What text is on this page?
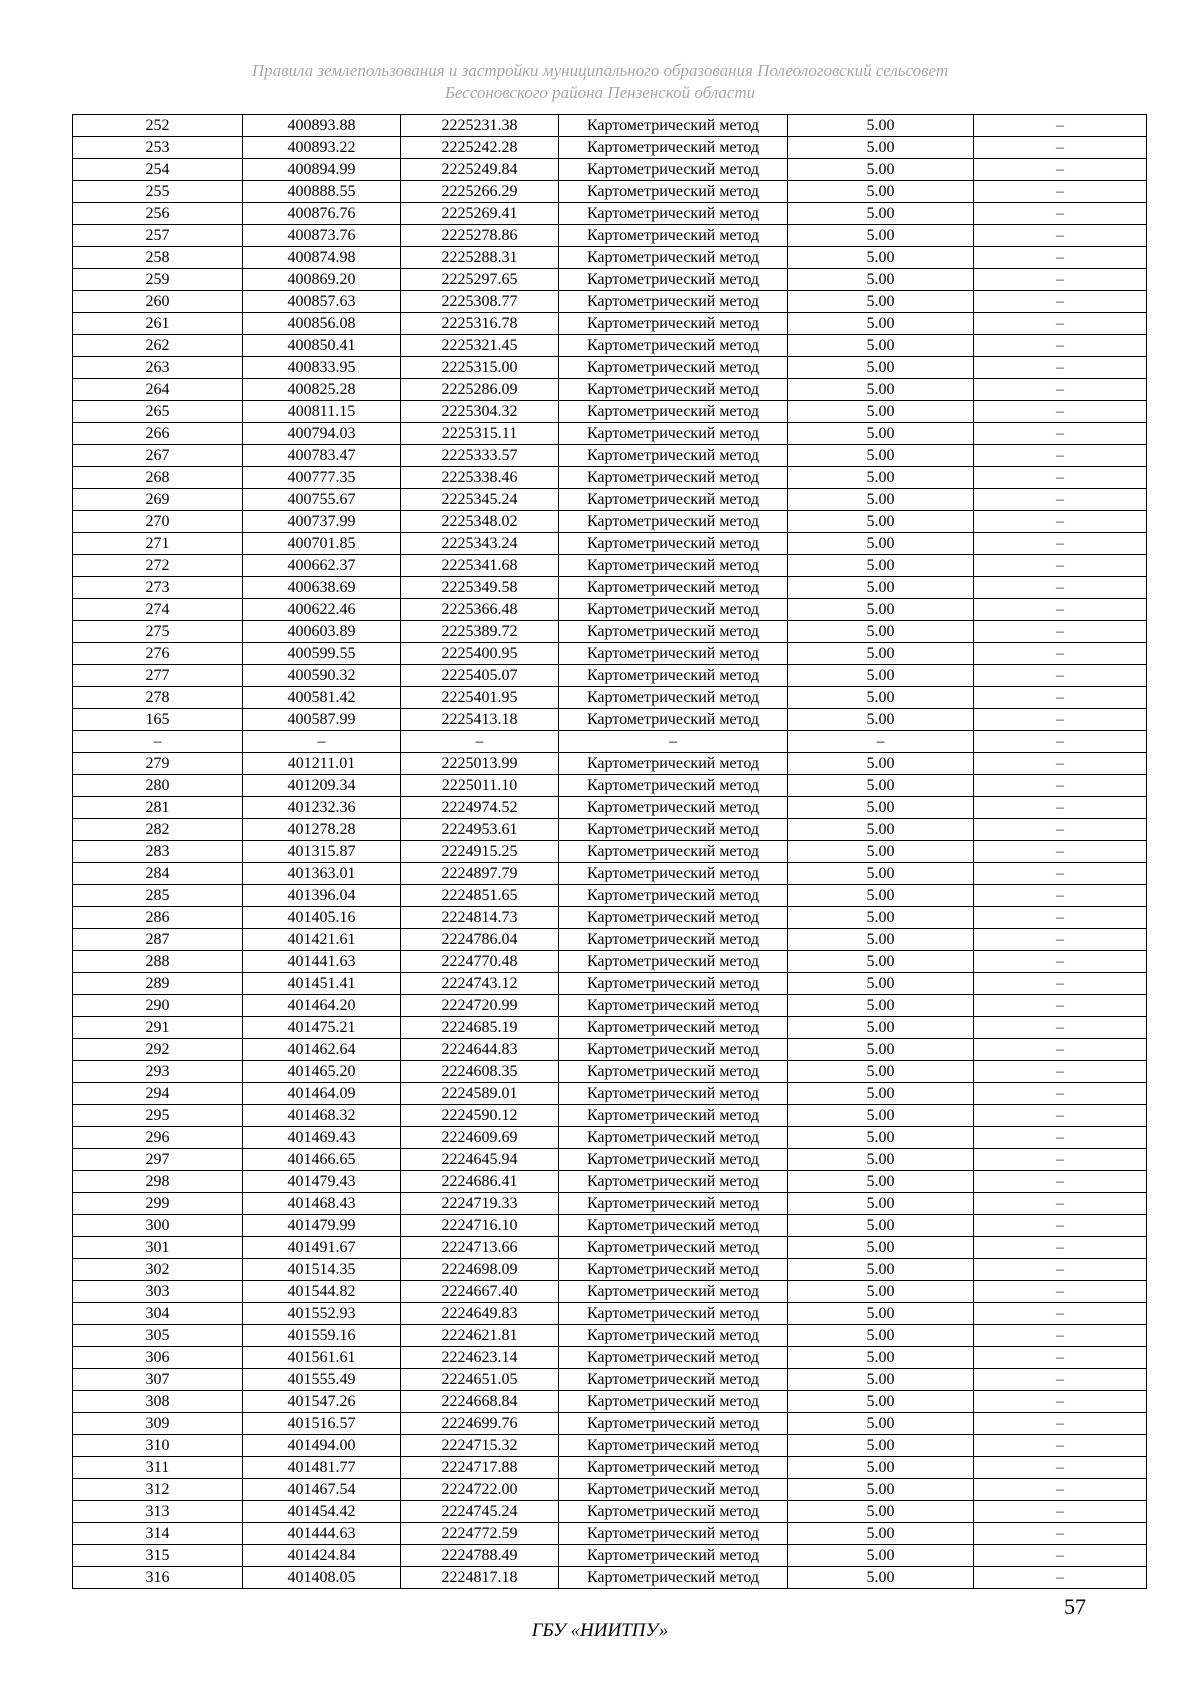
Правила землепользования и застройки муниципального образования Полеологовский сельсовет
Бессоновского района Пензенской области
252	400893.88	2225231.38	Картометрический метод	5.00	–
253	400893.22	2225242.28	Картометрический метод	5.00	–
254	400894.99	2225249.84	Картометрический метод	5.00	–
255	400888.55	2225266.29	Картометрический метод	5.00	–
256	400876.76	2225269.41	Картометрический метод	5.00	–
257	400873.76	2225278.86	Картометрический метод	5.00	–
258	400874.98	2225288.31	Картометрический метод	5.00	–
259	400869.20	2225297.65	Картометрический метод	5.00	–
260	400857.63	2225308.77	Картометрический метод	5.00	–
261	400856.08	2225316.78	Картометрический метод	5.00	–
262	400850.41	2225321.45	Картометрический метод	5.00	–
263	400833.95	2225315.00	Картометрический метод	5.00	–
264	400825.28	2225286.09	Картометрический метод	5.00	–
265	400811.15	2225304.32	Картометрический метод	5.00	–
266	400794.03	2225315.11	Картометрический метод	5.00	–
267	400783.47	2225333.57	Картометрический метод	5.00	–
268	400777.35	2225338.46	Картометрический метод	5.00	–
269	400755.67	2225345.24	Картометрический метод	5.00	–
270	400737.99	2225348.02	Картометрический метод	5.00	–
271	400701.85	2225343.24	Картометрический метод	5.00	–
272	400662.37	2225341.68	Картометрический метод	5.00	–
273	400638.69	2225349.58	Картометрический метод	5.00	–
274	400622.46	2225366.48	Картометрический метод	5.00	–
275	400603.89	2225389.72	Картометрический метод	5.00	–
276	400599.55	2225400.95	Картометрический метод	5.00	–
277	400590.32	2225405.07	Картометрический метод	5.00	–
278	400581.42	2225401.95	Картометрический метод	5.00	–
165	400587.99	2225413.18	Картометрический метод	5.00	–
–	–	–	–	–	–
279	401211.01	2225013.99	Картометрический метод	5.00	–
280	401209.34	2225011.10	Картометрический метод	5.00	–
281	401232.36	2224974.52	Картометрический метод	5.00	–
282	401278.28	2224953.61	Картометрический метод	5.00	–
283	401315.87	2224915.25	Картометрический метод	5.00	–
284	401363.01	2224897.79	Картометрический метод	5.00	–
285	401396.04	2224851.65	Картометрический метод	5.00	–
286	401405.16	2224814.73	Картометрический метод	5.00	–
287	401421.61	2224786.04	Картометрический метод	5.00	–
288	401441.63	2224770.48	Картометрический метод	5.00	–
289	401451.41	2224743.12	Картометрический метод	5.00	–
290	401464.20	2224720.99	Картометрический метод	5.00	–
291	401475.21	2224685.19	Картометрический метод	5.00	–
292	401462.64	2224644.83	Картометрический метод	5.00	–
293	401465.20	2224608.35	Картометрический метод	5.00	–
294	401464.09	2224589.01	Картометрический метод	5.00	–
295	401468.32	2224590.12	Картометрический метод	5.00	–
296	401469.43	2224609.69	Картометрический метод	5.00	–
297	401466.65	2224645.94	Картометрический метод	5.00	–
298	401479.43	2224686.41	Картометрический метод	5.00	–
299	401468.43	2224719.33	Картометрический метод	5.00	–
300	401479.99	2224716.10	Картометрический метод	5.00	–
301	401491.67	2224713.66	Картометрический метод	5.00	–
302	401514.35	2224698.09	Картометрический метод	5.00	–
303	401544.82	2224667.40	Картометрический метод	5.00	–
304	401552.93	2224649.83	Картометрический метод	5.00	–
305	401559.16	2224621.81	Картометрический метод	5.00	–
306	401561.61	2224623.14	Картометрический метод	5.00	–
307	401555.49	2224651.05	Картометрический метод	5.00	–
308	401547.26	2224668.84	Картометрический метод	5.00	–
309	401516.57	2224699.76	Картометрический метод	5.00	–
310	401494.00	2224715.32	Картометрический метод	5.00	–
311	401481.77	2224717.88	Картометрический метод	5.00	–
312	401467.54	2224722.00	Картометрический метод	5.00	–
313	401454.42	2224745.24	Картометрический метод	5.00	–
314	401444.63	2224772.59	Картометрический метод	5.00	–
315	401424.84	2224788.49	Картометрический метод	5.00	–
316	401408.05	2224817.18	Картометрический метод	5.00	–
57
ГБУ «НИИТПУ»
